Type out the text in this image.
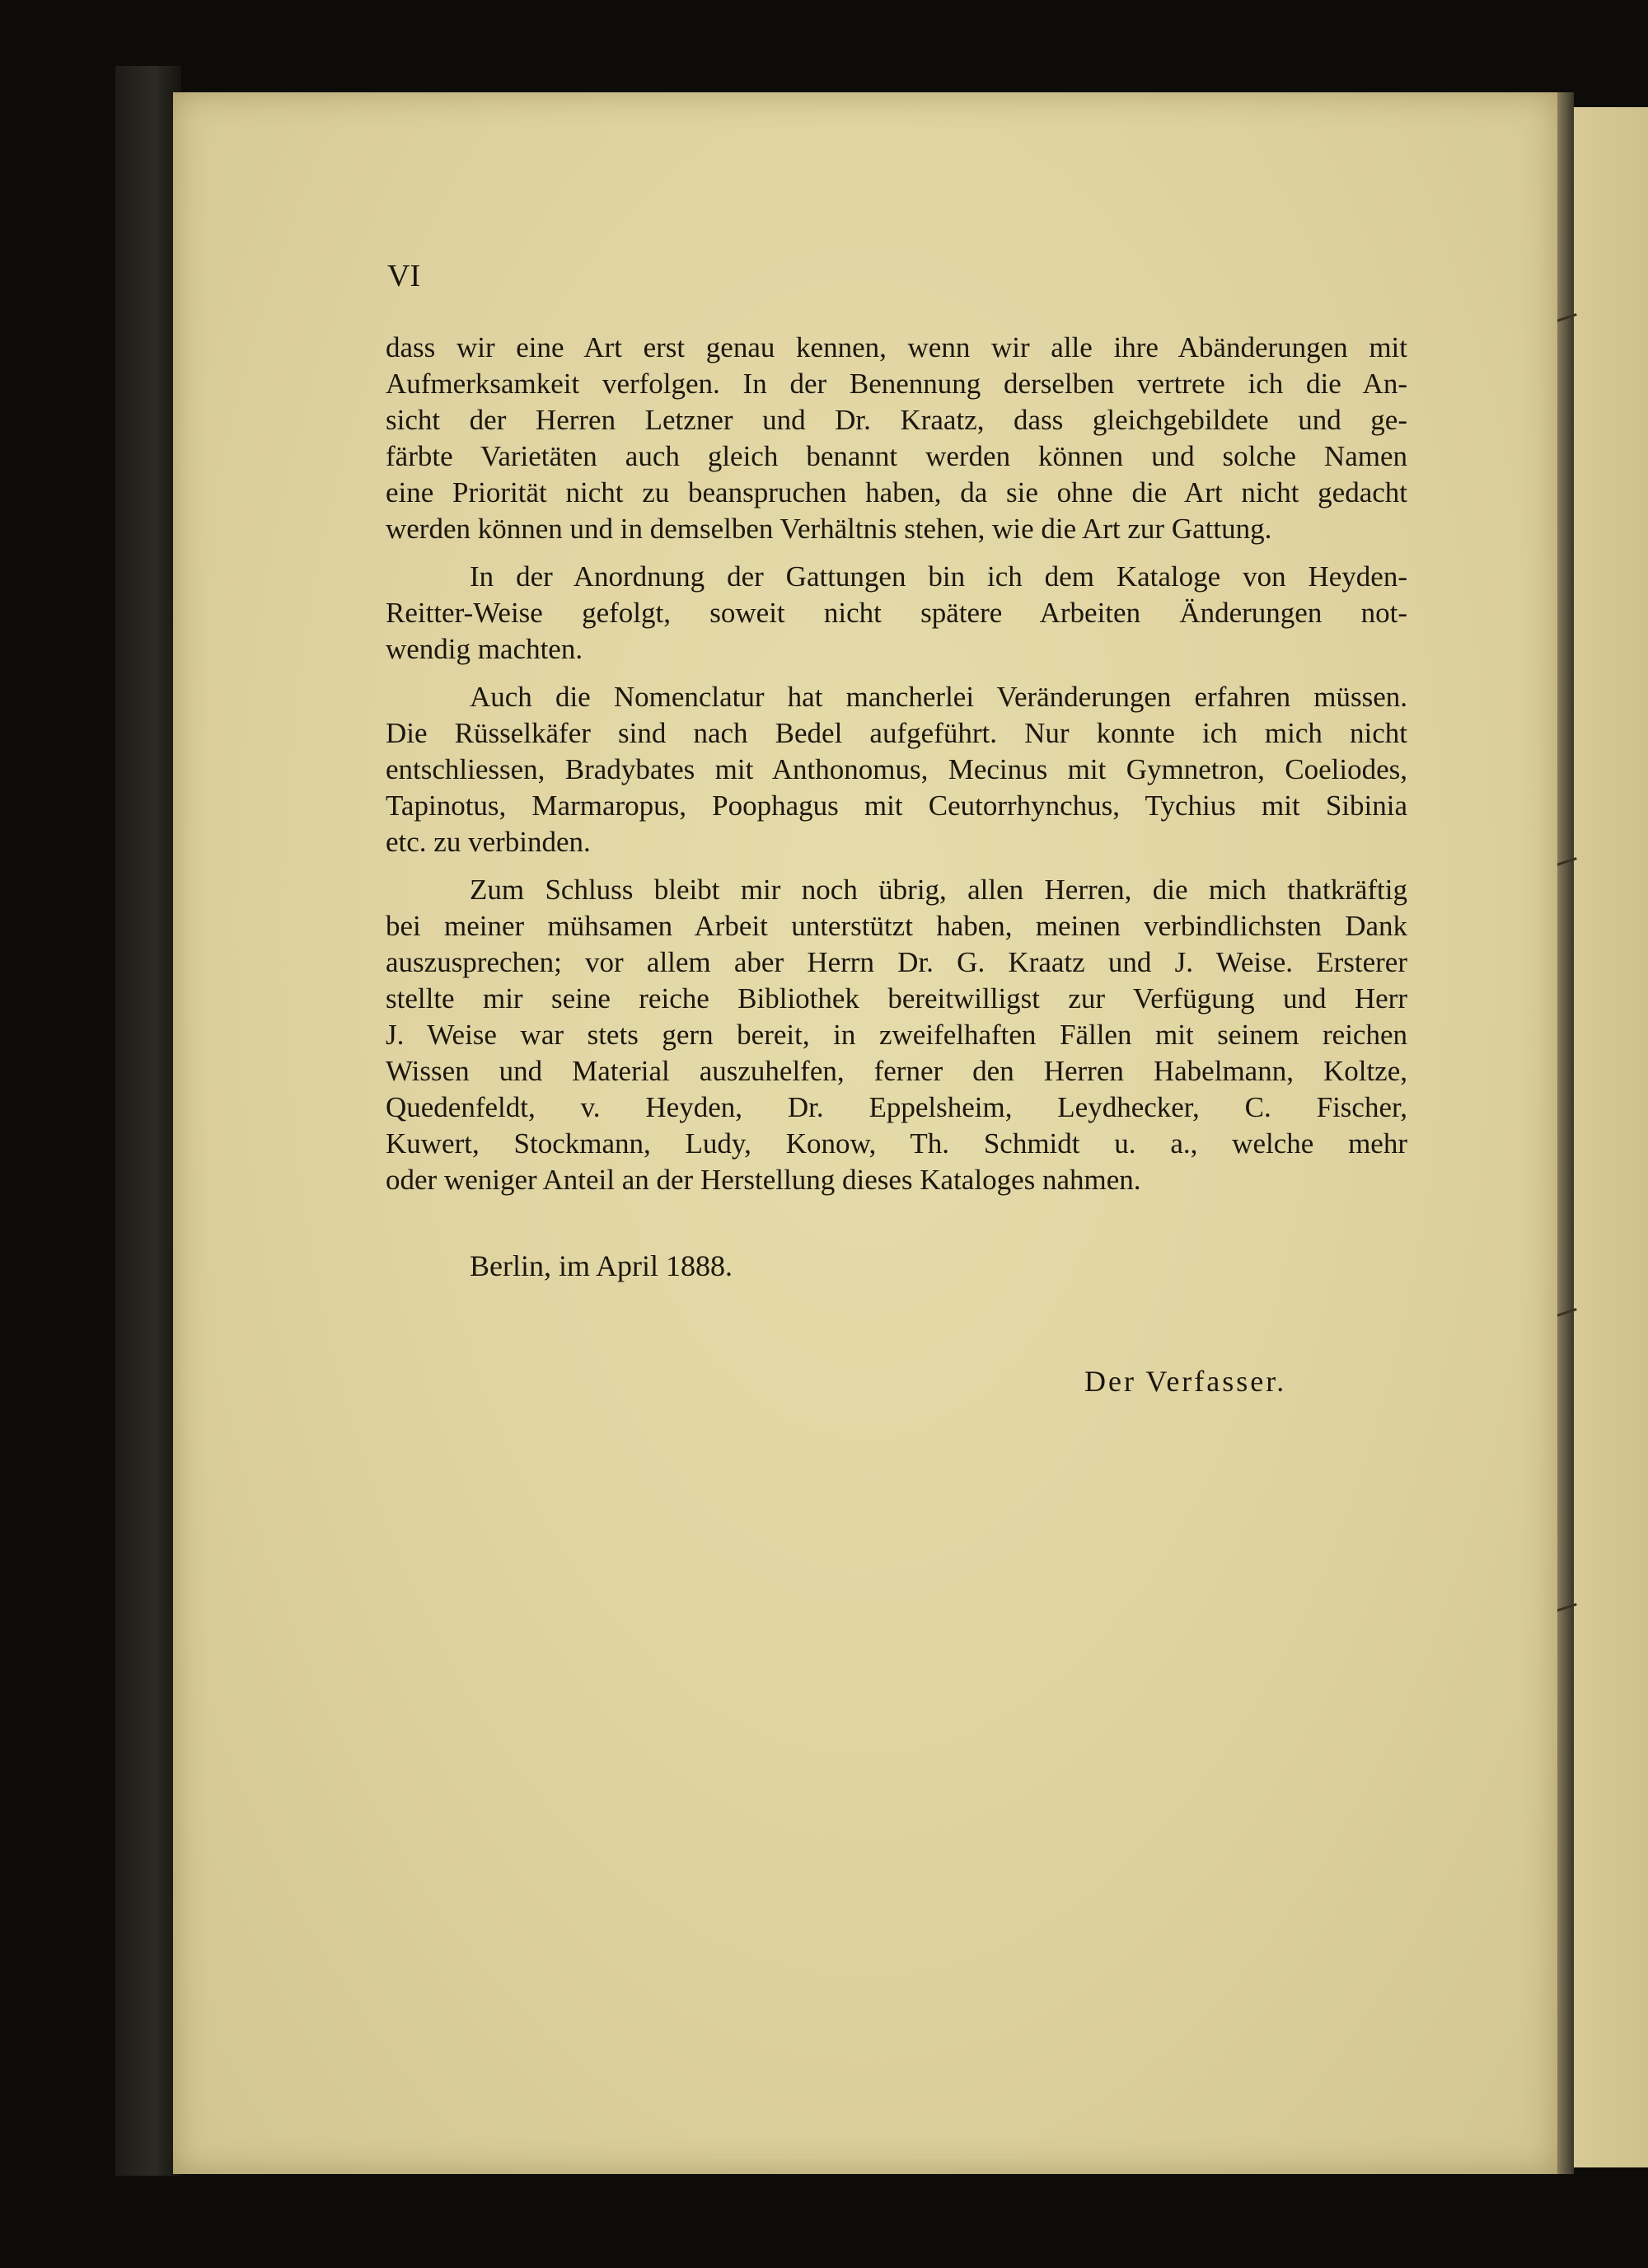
VI
dass wir eine Art erst genau kennen, wenn wir alle ihre Abänderungen mit
Aufmerksamkeit verfolgen. In der Benennung derselben vertrete ich die An-
sicht der Herren Letzner und Dr. Kraatz, dass gleichgebildete und ge-
färbte Varietäten auch gleich benannt werden können und solche Namen
eine Priorität nicht zu beanspruchen haben, da sie ohne die Art nicht gedacht
werden können und in demselben Verhältnis stehen, wie die Art zur Gattung.
In der Anordnung der Gattungen bin ich dem Kataloge von Heyden-
Reitter-Weise gefolgt, soweit nicht spätere Arbeiten Änderungen not-
wendig machten.
Auch die Nomenclatur hat mancherlei Veränderungen erfahren müssen.
Die Rüsselkäfer sind nach Bedel aufgeführt. Nur konnte ich mich nicht
entschliessen, Bradybates mit Anthonomus, Mecinus mit Gymnetron, Coeliodes,
Tapinotus, Marmaropus, Poophagus mit Ceutorrhynchus, Tychius mit Sibinia
etc. zu verbinden.
Zum Schluss bleibt mir noch übrig, allen Herren, die mich thatkräftig
bei meiner mühsamen Arbeit unterstützt haben, meinen verbindlichsten Dank
auszusprechen; vor allem aber Herrn Dr. G. Kraatz und J. Weise. Ersterer
stellte mir seine reiche Bibliothek bereitwilligst zur Verfügung und Herr
J. Weise war stets gern bereit, in zweifelhaften Fällen mit seinem reichen
Wissen und Material auszuhelfen, ferner den Herren Habelmann, Koltze,
Quedenfeldt, v. Heyden, Dr. Eppelsheim, Leydhecker, C. Fischer,
Kuwert, Stockmann, Ludy, Konow, Th. Schmidt u. a., welche mehr
oder weniger Anteil an der Herstellung dieses Kataloges nahmen.
Berlin, im April 1888.
Der Verfasser.
